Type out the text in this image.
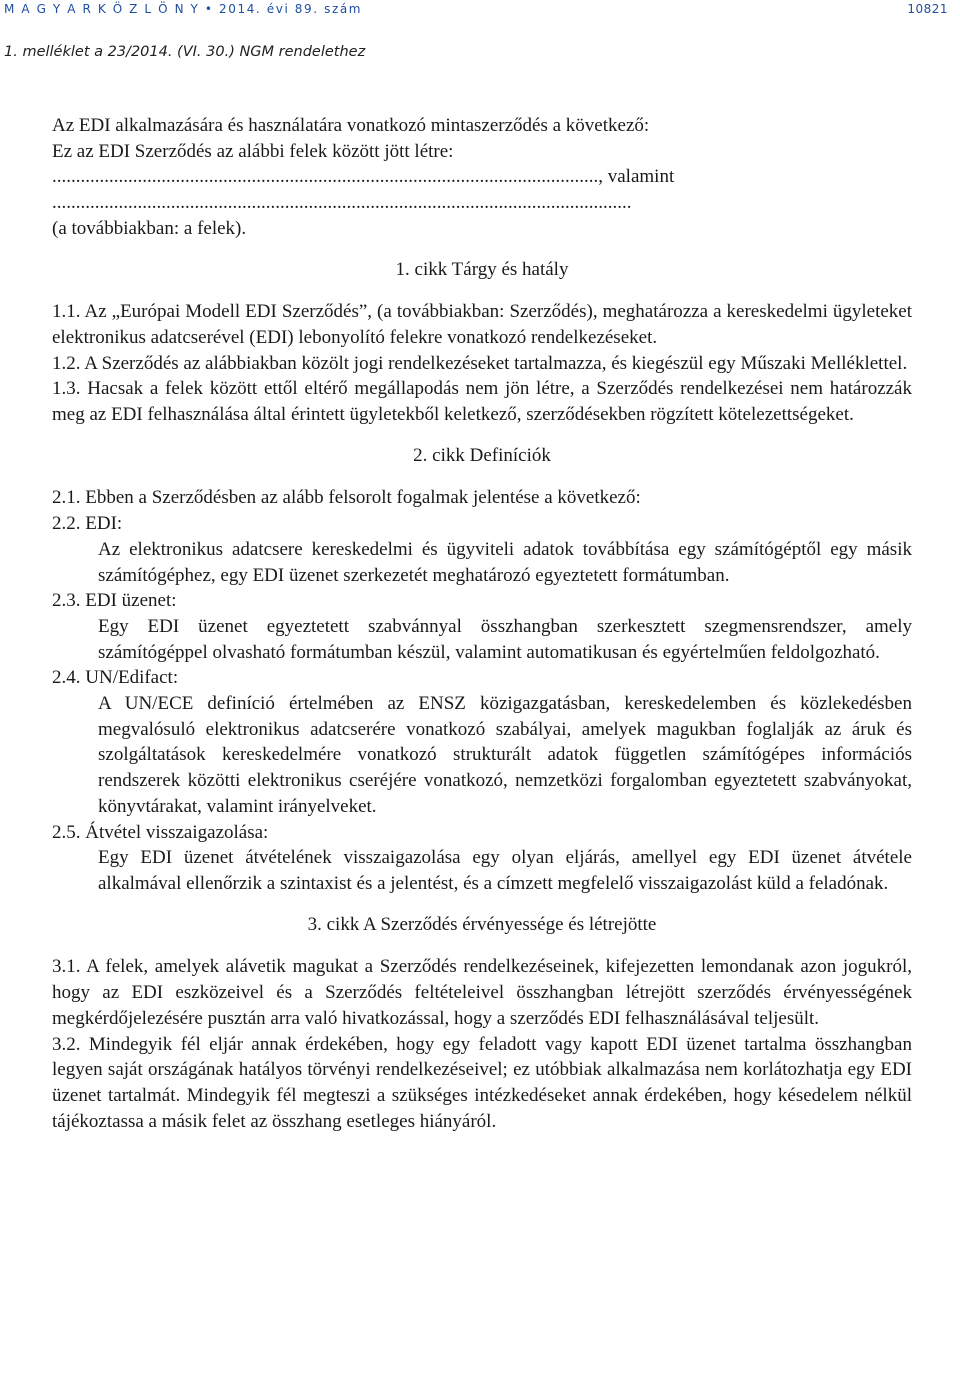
M A G Y A R K Ö Z L Ö N Y • 2014. évi 89. szám	10821
1. melléklet a 23/2014. (VI. 30.) NGM rendelethez

Az EDI alkalmazására és használatára vonatkozó mintaszerződés a következő:

Ez az EDI Szerződés az alábbi felek között jött létre:

..................................................................................................................., valamint

..........................................................................................................................

(a továbbiakban: a felek).

1. cikk Tárgy és hatály

1.1. Az „Európai Modell EDI Szerződés”, (a továbbiakban: Szerződés), meghatározza a kereskedelmi ügyleteket elektronikus adatcserével (EDI) lebonyolító felekre vonatkozó rendelkezéseket.

1.2. A Szerződés az alábbiakban közölt jogi rendelkezéseket tartalmazza, és kiegészül egy Műszaki Melléklettel.

1.3. Hacsak a felek között ettől eltérő megállapodás nem jön létre, a Szerződés rendelkezései nem határozzák meg az EDI felhasználása által érintett ügyletekből keletkező, szerződésekben rögzített kötelezettségeket.

2. cikk Definíciók

2.1. Ebben a Szerződésben az alább felsorolt fogalmak jelentése a következő:

2.2. EDI:

Az elektronikus adatcsere kereskedelmi és ügyviteli adatok továbbítása egy számítógéptől egy másik számítógéphez, egy EDI üzenet szerkezetét meghatározó egyeztetett formátumban.

2.3. EDI üzenet:

Egy EDI üzenet egyeztetett szabvánnyal összhangban szerkesztett szegmensrendszer, amely számítógéppel olvasható formátumban készül, valamint automatikusan és egyértelműen feldolgozható.

2.4. UN/Edifact:

A UN/ECE definíció értelmében az ENSZ közigazgatásban, kereskedelemben és közlekedésben megvalósuló elektronikus adatcserére vonatkozó szabályai, amelyek magukban foglalják az áruk és szolgáltatások kereskedelmére vonatkozó strukturált adatok független számítógépes információs rendszerek közötti elektronikus cseréjére vonatkozó, nemzetközi forgalomban egyeztetett szabványokat, könyvtárakat, valamint irányelveket.

2.5. Átvétel visszaigazolása:

Egy EDI üzenet átvételének visszaigazolása egy olyan eljárás, amellyel egy EDI üzenet átvétele alkalmával ellenőrzik a szintaxist és a jelentést, és a címzett megfelelő visszaigazolást küld a feladónak.

3. cikk A Szerződés érvényessége és létrejötte

3.1. A felek, amelyek alávetik magukat a Szerződés rendelkezéseinek, kifejezetten lemondanak azon jogukról, hogy az EDI eszközeivel és a Szerződés feltételeivel összhangban létrejött szerződés érvényességének megkérdőjelezésére pusztán arra való hivatkozással, hogy a szerződés EDI felhasználásával teljesült.

3.2. Mindegyik fél eljár annak érdekében, hogy egy feladott vagy kapott EDI üzenet tartalma összhangban legyen saját országának hatályos törvényi rendelkezéseivel; ez utóbbiak alkalmazása nem korlátozhatja egy EDI üzenet tartalmát. Mindegyik fél megteszi a szükséges intézkedéseket annak érdekében, hogy késedelem nélkül tájékoztassa a másik felet az összhang esetleges hiányáról.
